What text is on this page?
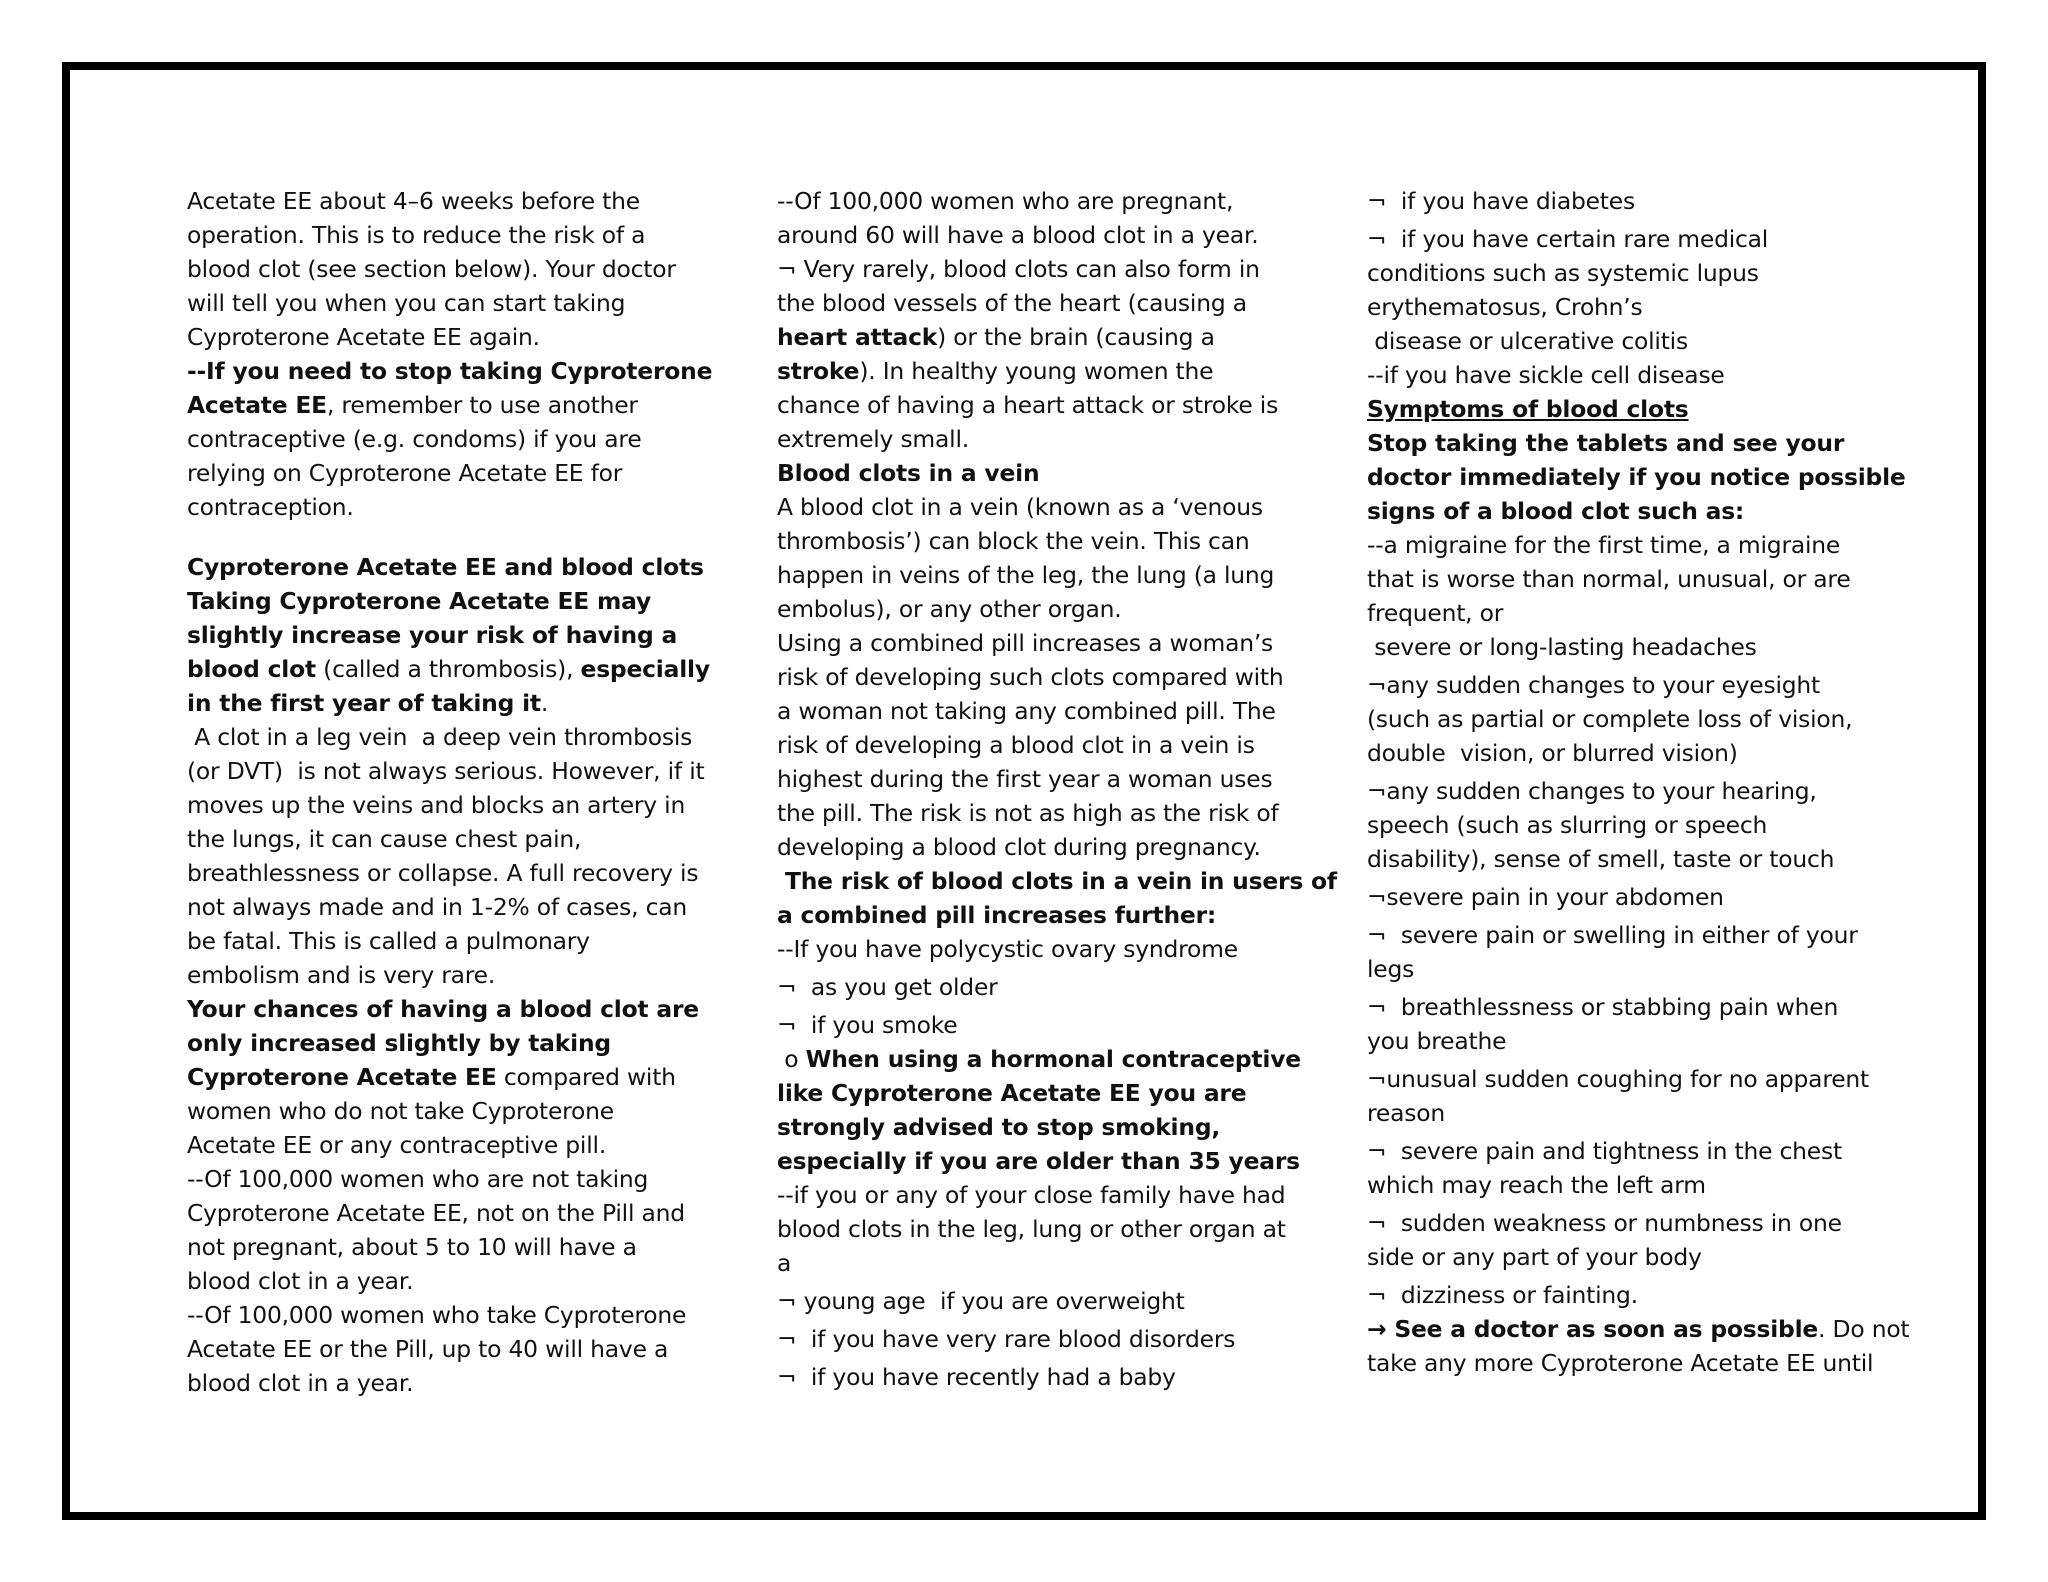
Acetate EE about 4–6 weeks before the
operation. This is to reduce the risk of a
blood clot (see section below). Your doctor
will tell you when you can start taking
Cyproterone Acetate EE again.
--If you need to stop taking Cyproterone
Acetate EE, remember to use another
contraceptive (e.g. condoms) if you are
relying on Cyproterone Acetate EE for
contraception.
Cyproterone Acetate EE and blood clots
Taking Cyproterone Acetate EE may
slightly increase your risk of having a
blood clot (called a thrombosis), especially
in the first year of taking it.
A clot in a leg vein  a deep vein thrombosis
(or DVT)  is not always serious. However, if it
moves up the veins and blocks an artery in
the lungs, it can cause chest pain,
breathlessness or collapse. A full recovery is
not always made and in 1-2% of cases, can
be fatal. This is called a pulmonary
embolism and is very rare.
Your chances of having a blood clot are
only increased slightly by taking
Cyproterone Acetate EE compared with
women who do not take Cyproterone
Acetate EE or any contraceptive pill.
--Of 100,000 women who are not taking
Cyproterone Acetate EE, not on the Pill and
not pregnant, about 5 to 10 will have a
blood clot in a year.
--Of 100,000 women who take Cyproterone
Acetate EE or the Pill, up to 40 will have a
blood clot in a year.
--Of 100,000 women who are pregnant,
around 60 will have a blood clot in a year.
¬ Very rarely, blood clots can also form in
the blood vessels of the heart (causing a
heart attack) or the brain (causing a
stroke). In healthy young women the
chance of having a heart attack or stroke is
extremely small.
Blood clots in a vein
A blood clot in a vein (known as a ‘venous
thrombosis’) can block the vein. This can
happen in veins of the leg, the lung (a lung
embolus), or any other organ.
Using a combined pill increases a woman’s
risk of developing such clots compared with
a woman not taking any combined pill. The
risk of developing a blood clot in a vein is
highest during the first year a woman uses
the pill. The risk is not as high as the risk of
developing a blood clot during pregnancy.
The risk of blood clots in a vein in users of
a combined pill increases further:
--If you have polycystic ovary syndrome
¬  as you get older
¬  if you smoke
o When using a hormonal contraceptive
like Cyproterone Acetate EE you are
strongly advised to stop smoking,
especially if you are older than 35 years
--if you or any of your close family have had
blood clots in the leg, lung or other organ at
a
¬ young age  if you are overweight
¬  if you have very rare blood disorders
¬  if you have recently had a baby
¬  if you have diabetes
¬  if you have certain rare medical
conditions such as systemic lupus
erythematosus, Crohn’s
disease or ulcerative colitis
--if you have sickle cell disease
Symptoms of blood clots
Stop taking the tablets and see your
doctor immediately if you notice possible
signs of a blood clot such as:
--a migraine for the first time, a migraine
that is worse than normal, unusual, or are
frequent, or
severe or long-lasting headaches
¬any sudden changes to your eyesight
(such as partial or complete loss of vision,
double  vision, or blurred vision)
¬any sudden changes to your hearing,
speech (such as slurring or speech
disability), sense of smell, taste or touch
¬severe pain in your abdomen
¬  severe pain or swelling in either of your
legs
¬  breathlessness or stabbing pain when
you breathe
¬unusual sudden coughing for no apparent
reason
¬  severe pain and tightness in the chest
which may reach the left arm
¬  sudden weakness or numbness in one
side or any part of your body
¬  dizziness or fainting.
→ See a doctor as soon as possible. Do not
take any more Cyproterone Acetate EE until
